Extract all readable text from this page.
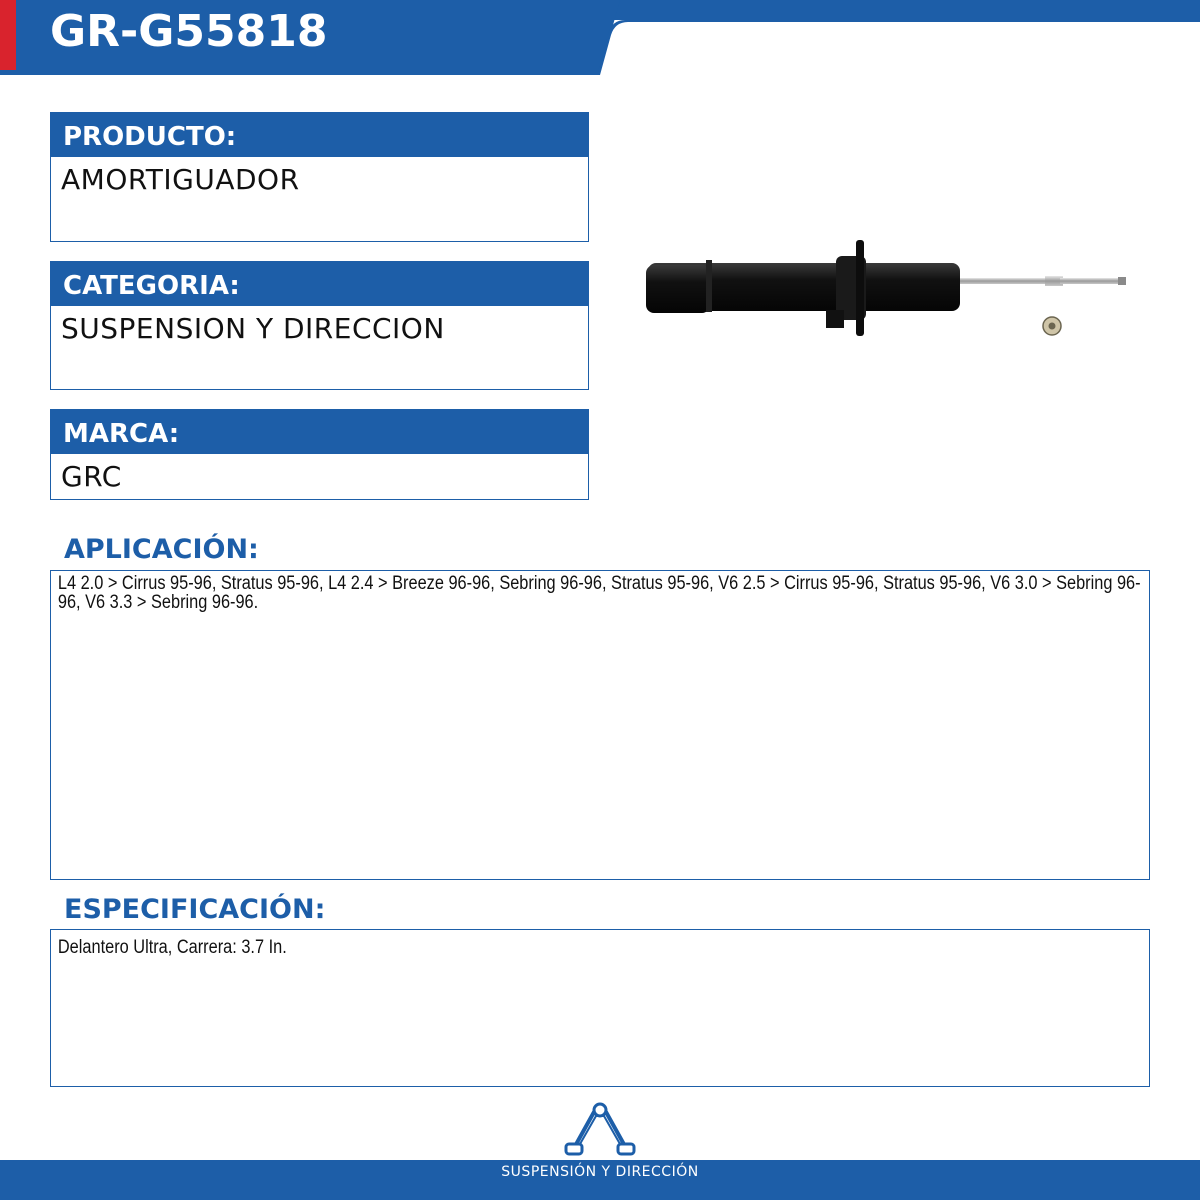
GR-G55818
PRODUCTO:
AMORTIGUADOR
CATEGORIA:
SUSPENSION Y DIRECCION
MARCA:
GRC
APLICACIÓN:
L4 2.0 > Cirrus 95-96, Stratus 95-96, L4 2.4 > Breeze 96-96, Sebring 96-96, Stratus 95-96, V6 2.5 > Cirrus 95-96, Stratus 95-96, V6 3.0 > Sebring 96-96, V6 3.3 > Sebring 96-96.
ESPECIFICACIÓN:
Delantero Ultra, Carrera: 3.7 In.
SUSPENSIÓN Y DIRECCIÓN
